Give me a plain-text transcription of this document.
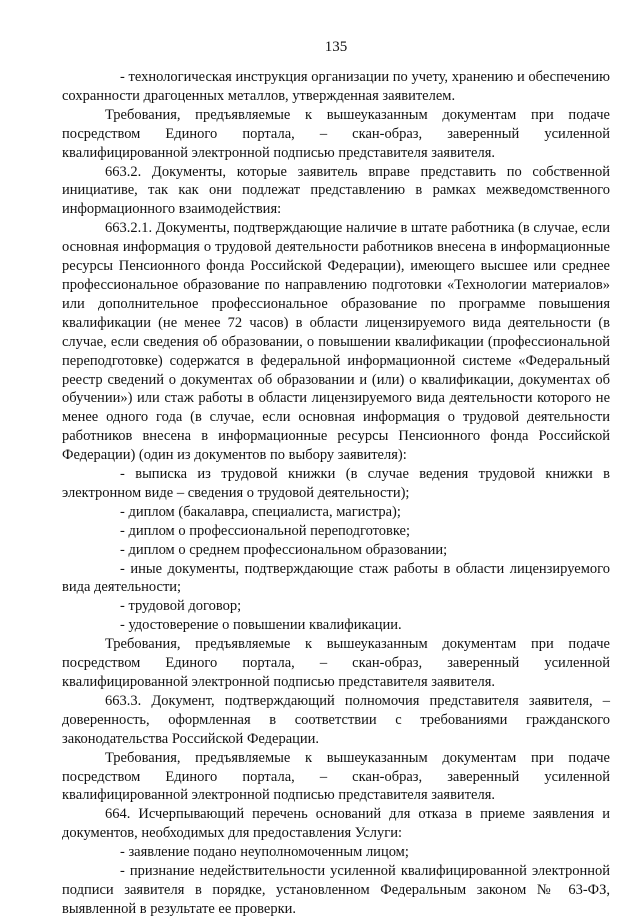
135

- технологическая инструкция организации по учету, хранению и обеспечению сохранности драгоценных металлов, утвержденная заявителем.

Требования, предъявляемые к вышеуказанным документам при подаче посредством Единого портала, – скан-образ, заверенный усиленной квалифицированной электронной подписью представителя заявителя.

663.2. Документы, которые заявитель вправе представить по собственной инициативе, так как они подлежат представлению в рамках межведомственного информационного взаимодействия:

663.2.1. Документы, подтверждающие наличие в штате работника (в случае, если основная информация о трудовой деятельности работников внесена в информационные ресурсы Пенсионного фонда Российской Федерации), имеющего высшее или среднее профессиональное образование по направлению подготовки «Технологии материалов» или дополнительное профессиональное образование по программе повышения квалификации (не менее 72 часов) в области лицензируемого вида деятельности (в случае, если сведения об образовании, о повышении квалификации (профессиональной переподготовке) содержатся в федеральной информационной системе «Федеральный реестр сведений о документах об образовании и (или) о квалификации, документах об обучении») или стаж работы в области лицензируемого вида деятельности которого не менее одного года (в случае, если основная информация о трудовой деятельности работников внесена в информационные ресурсы Пенсионного фонда Российской Федерации) (один из документов по выбору заявителя):

- выписка из трудовой книжки (в случае ведения трудовой книжки в электронном виде – сведения о трудовой деятельности);

- диплом (бакалавра, специалиста, магистра);

- диплом о профессиональной переподготовке;

- диплом о среднем профессиональном образовании;

- иные документы, подтверждающие стаж работы в области лицензируемого вида деятельности;

- трудовой договор;

- удостоверение о повышении квалификации.

Требования, предъявляемые к вышеуказанным документам при подаче посредством Единого портала, – скан-образ, заверенный усиленной квалифицированной электронной подписью представителя заявителя.

663.3. Документ, подтверждающий полномочия представителя заявителя, – доверенность, оформленная в соответствии с требованиями гражданского законодательства Российской Федерации.

Требования, предъявляемые к вышеуказанным документам при подаче посредством Единого портала, – скан-образ, заверенный усиленной квалифицированной электронной подписью представителя заявителя.

664. Исчерпывающий перечень оснований для отказа в приеме заявления и документов, необходимых для предоставления Услуги:

- заявление подано неуполномоченным лицом;

- признание недействительности усиленной квалифицированной электронной подписи заявителя в порядке, установленном Федеральным законом № 63-ФЗ, выявленной в результате ее проверки.
